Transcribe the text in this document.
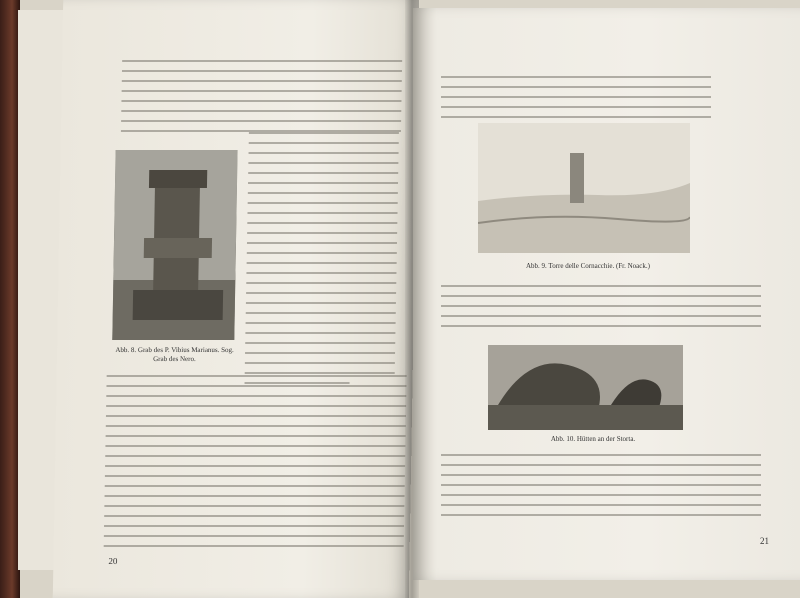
Abb. 8. Grab des P. Vibius Marianus. Sog. Grab des Nero.
20
Abb. 9. Torre delle Cornacchie. (Fr. Noack.)
Abb. 10. Hütten an der Storta.
21
